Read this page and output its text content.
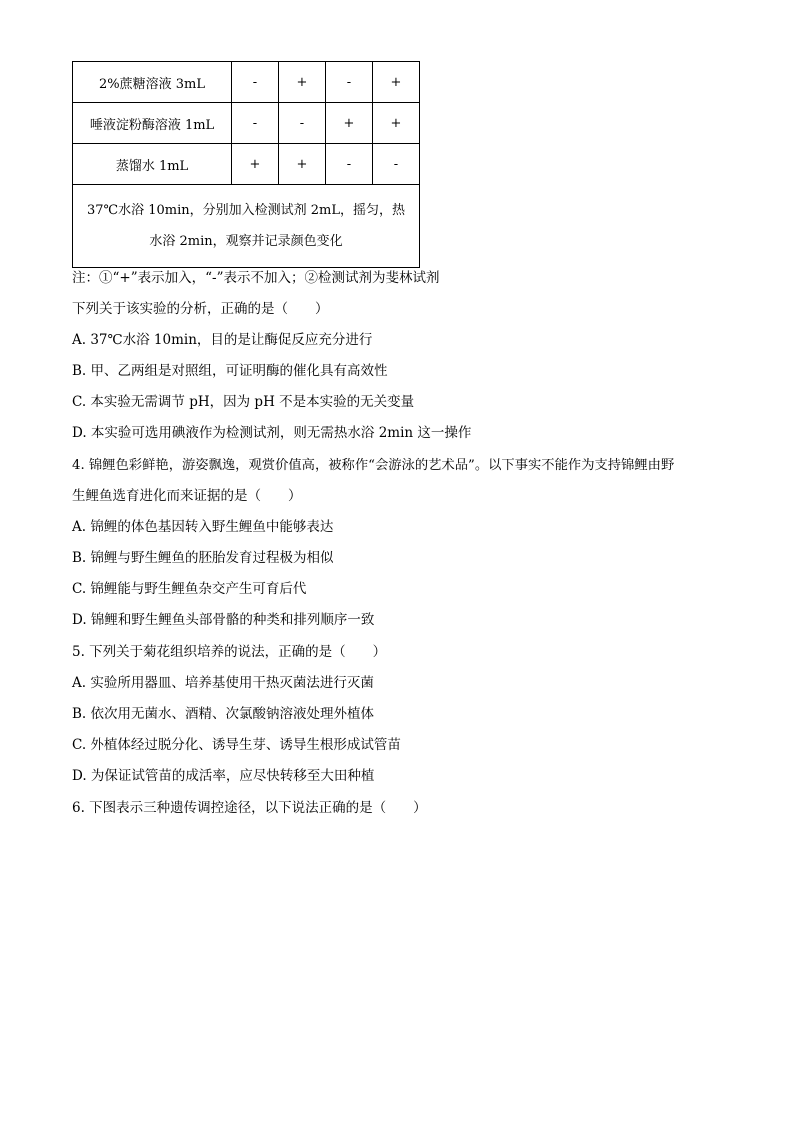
2%蔗糖溶液 3mL	-	+	-	+
唾液淀粉酶溶液 1mL	-	-	+	+
蒸馏水 1mL	+	+	-	-

37℃水浴 10min，分别加入检测试剂 2mL，摇匀，热
水浴 2min，观察并记录颜色变化				
注：①“+”表示加入，“-”表示不加入；②检测试剂为斐林试剂
下列关于该实验的分析，正确的是（　　）
A. 37℃水浴 10min，目的是让酶促反应充分进行
B. 甲、乙两组是对照组，可证明酶的催化具有高效性
C. 本实验无需调节 pH，因为 pH 不是本实验的无关变量
D. 本实验可选用碘液作为检测试剂，则无需热水浴 2min 这一操作
4. 锦鲤色彩鲜艳，游姿飘逸，观赏价值高，被称作“会游泳的艺术品”。以下事实不能作为支持锦鲤由野
生鲤鱼选育进化而来证据的是（　　）
A. 锦鲤的体色基因转入野生鲤鱼中能够表达
B. 锦鲤与野生鲤鱼的胚胎发育过程极为相似
C. 锦鲤能与野生鲤鱼杂交产生可育后代
D. 锦鲤和野生鲤鱼头部骨骼的种类和排列顺序一致
5. 下列关于菊花组织培养的说法，正确的是（　　）
A. 实验所用器皿、培养基使用干热灭菌法进行灭菌
B. 依次用无菌水、酒精、次氯酸钠溶液处理外植体
C. 外植体经过脱分化、诱导生芽、诱导生根形成试管苗
D. 为保证试管苗的成活率，应尽快转移至大田种植
6. 下图表示三种遗传调控途径，以下说法正确的是（　　）
